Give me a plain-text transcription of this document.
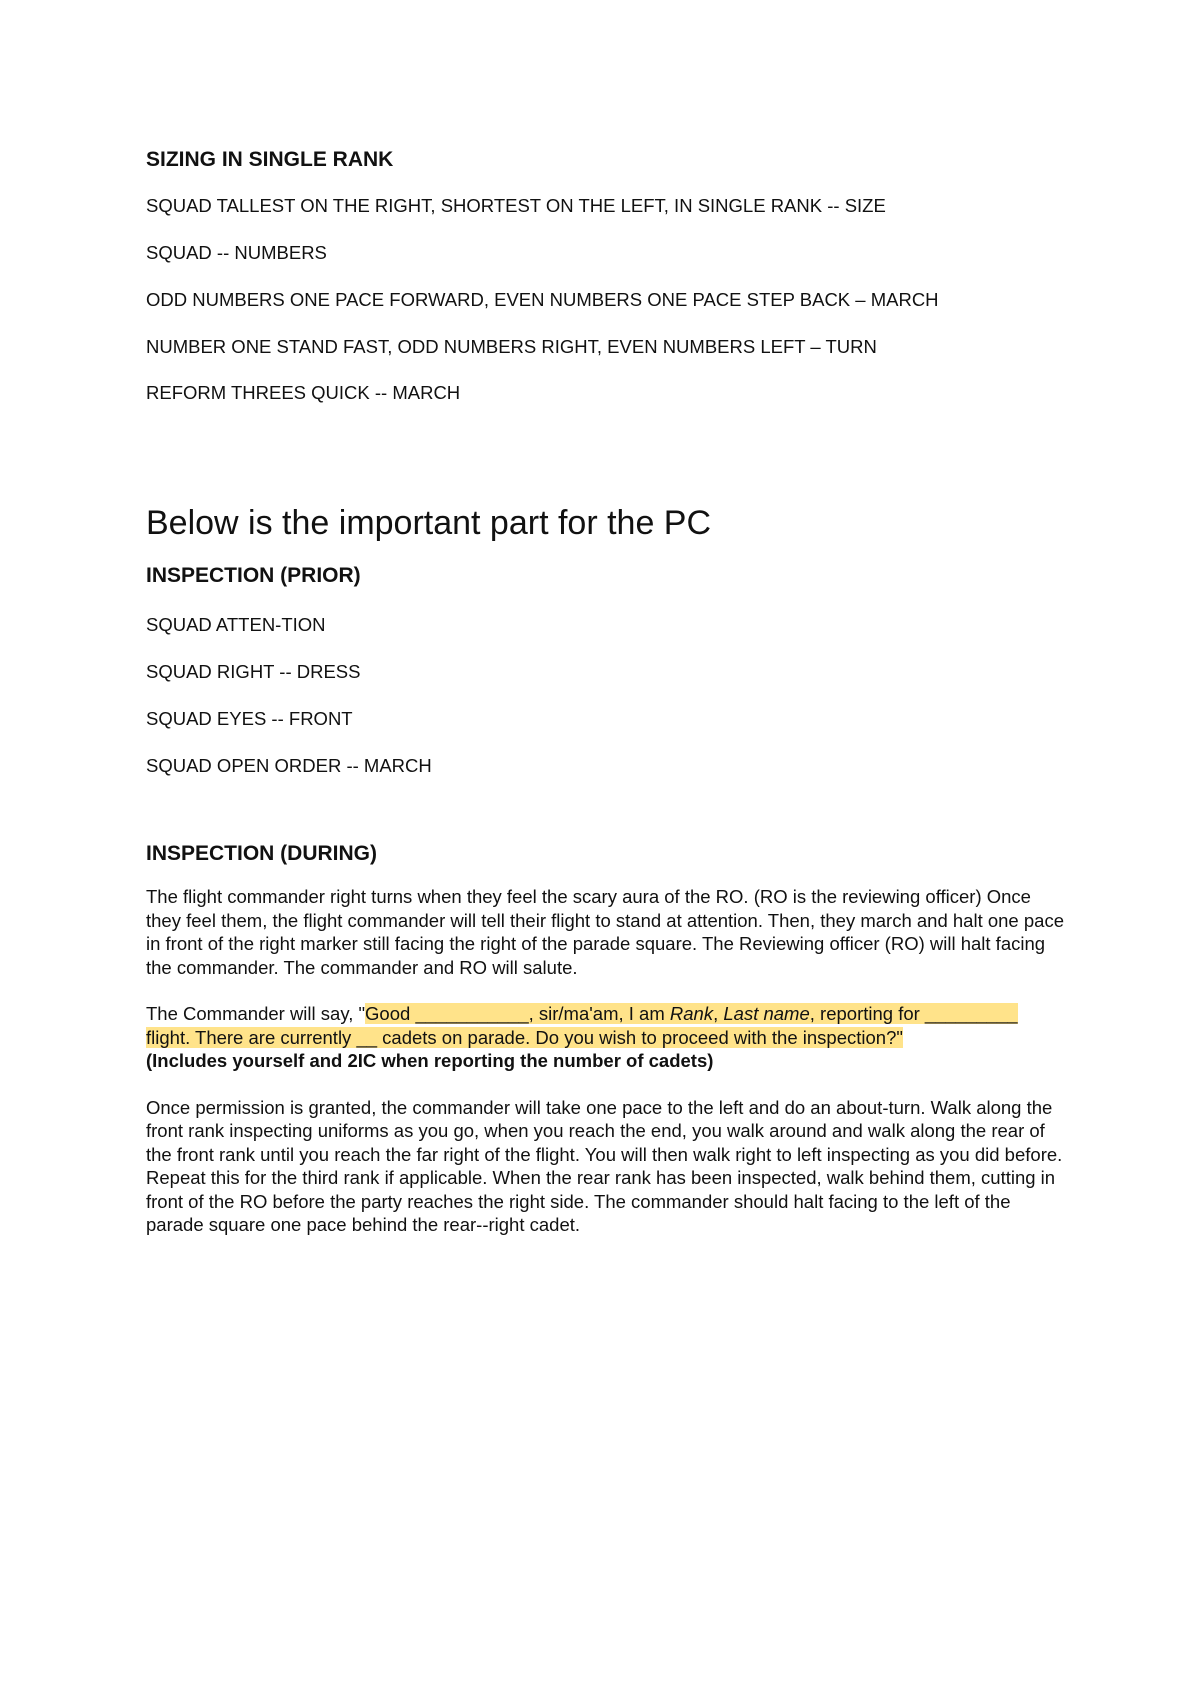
SIZING IN SINGLE RANK

SQUAD TALLEST ON THE RIGHT, SHORTEST ON THE LEFT, IN SINGLE RANK -- SIZE

SQUAD -- NUMBERS

ODD NUMBERS ONE PACE FORWARD, EVEN NUMBERS ONE PACE STEP BACK – MARCH

NUMBER ONE STAND FAST, ODD NUMBERS RIGHT, EVEN NUMBERS LEFT – TURN

REFORM THREES QUICK -- MARCH

Below is the important part for the PC
INSPECTION (PRIOR)

SQUAD ATTEN-TION

SQUAD RIGHT -- DRESS

SQUAD EYES -- FRONT

SQUAD OPEN ORDER -- MARCH

INSPECTION (DURING)

The flight commander right turns when they feel the scary aura of the RO. (RO is the reviewing officer) Once they feel them, the flight commander will tell their flight to stand at attention. Then, they march and halt one pace in front of the right marker still facing the right of the parade square. The Reviewing officer (RO) will halt facing the commander. The commander and RO will salute.

The Commander will say, "Good ___________, sir/ma'am, I am Rank, Last name, reporting for _________ flight. There are currently __ cadets on parade. Do you wish to proceed with the inspection?"

(Includes yourself and 2IC when reporting the number of cadets)

Once permission is granted, the commander will take one pace to the left and do an about-turn. Walk along the front rank inspecting uniforms as you go, when you reach the end, you walk around and walk along the rear of the front rank until you reach the far right of the flight. You will then walk right to left inspecting as you did before. Repeat this for the third rank if applicable. When the rear rank has been inspected, walk behind them, cutting in front of the RO before the party reaches the right side. The commander should halt facing to the left of the parade square one pace behind the rear--right cadet.
